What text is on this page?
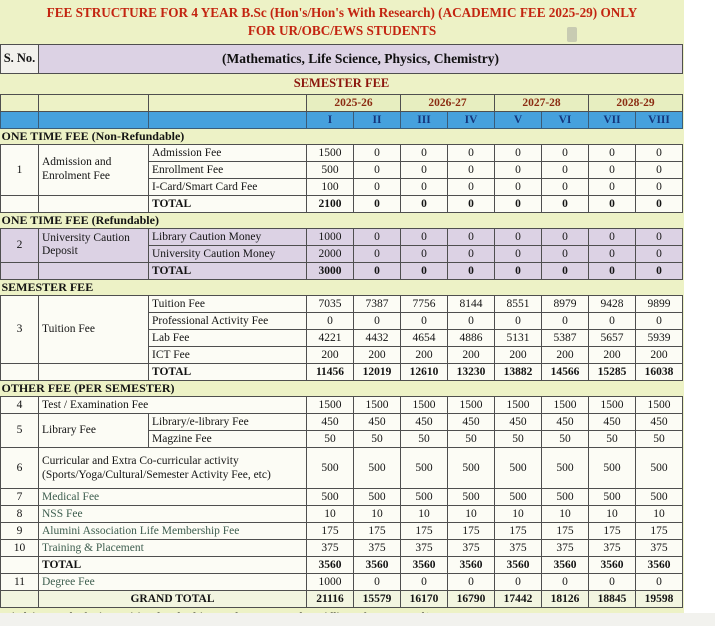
FEE STRUCTURE FOR 4 YEAR B.Sc (Hon's/Hon's With Research) (ACADEMIC FEE 2025-29) ONLY
FOR UR/OBC/EWS STUDENTS
S. No.	(Mathematics, Life Science, Physics, Chemistry)									
SEMESTER FEE										
			2025-26		2026-27		2027-28		2028-29	
			I	II	III	IV	V	VI	VII	VIII
ONE TIME FEE (Non-Refundable)										
1	Admission and Enrolment Fee	Admission Fee	1500	0	0	0	0	0	0	0
		Enrollment Fee	500	0	0	0	0	0	0	0
		I-Card/Smart Card Fee	100	0	0	0	0	0	0	0
		TOTAL	2100	0	0	0	0	0	0	0
ONE TIME FEE (Refundable)										
2	University Caution Deposit	Library Caution Money	1000	0	0	0	0	0	0	0
		University Caution Money	2000	0	0	0	0	0	0	0
		TOTAL	3000	0	0	0	0	0	0	0
SEMESTER FEE										
3	Tuition Fee	Tuition Fee	7035	7387	7756	8144	8551	8979	9428	9899
		Professional Activity Fee	0	0	0	0	0	0	0	0
		Lab Fee	4221	4432	4654	4886	5131	5387	5657	5939
		ICT Fee	200	200	200	200	200	200	200	200
		TOTAL	11456	12019	12610	13230	13882	14566	15285	16038
OTHER FEE (PER SEMESTER)										
4	Test / Examination Fee		1500	1500	1500	1500	1500	1500	1500	1500
5	Library Fee	Library/e-library Fee	450	450	450	450	450	450	450	450
		Magzine Fee	50	50	50	50	50	50	50	50
6	Curricular and Extra Co-curricular activity (Sports/Yoga/Cultural/Semester Activity Fee, etc)		500	500	500	500	500	500	500	500
7	Medical Fee		500	500	500	500	500	500	500	500
8	NSS Fee		10	10	10	10	10	10	10	10
9	Alumini Association Life Membership Fee		175	175	175	175	175	175	175	175
10	Training & Placement		375	375	375	375	375	375	375	375
	TOTAL		3560	3560	3560	3560	3560	3560	3560	3560
11	Degree Fee		1000	0	0	0	0	0	0	0
	GRAND TOTAL		21116	15579	16170	16790	17442	18126	18845	19598
